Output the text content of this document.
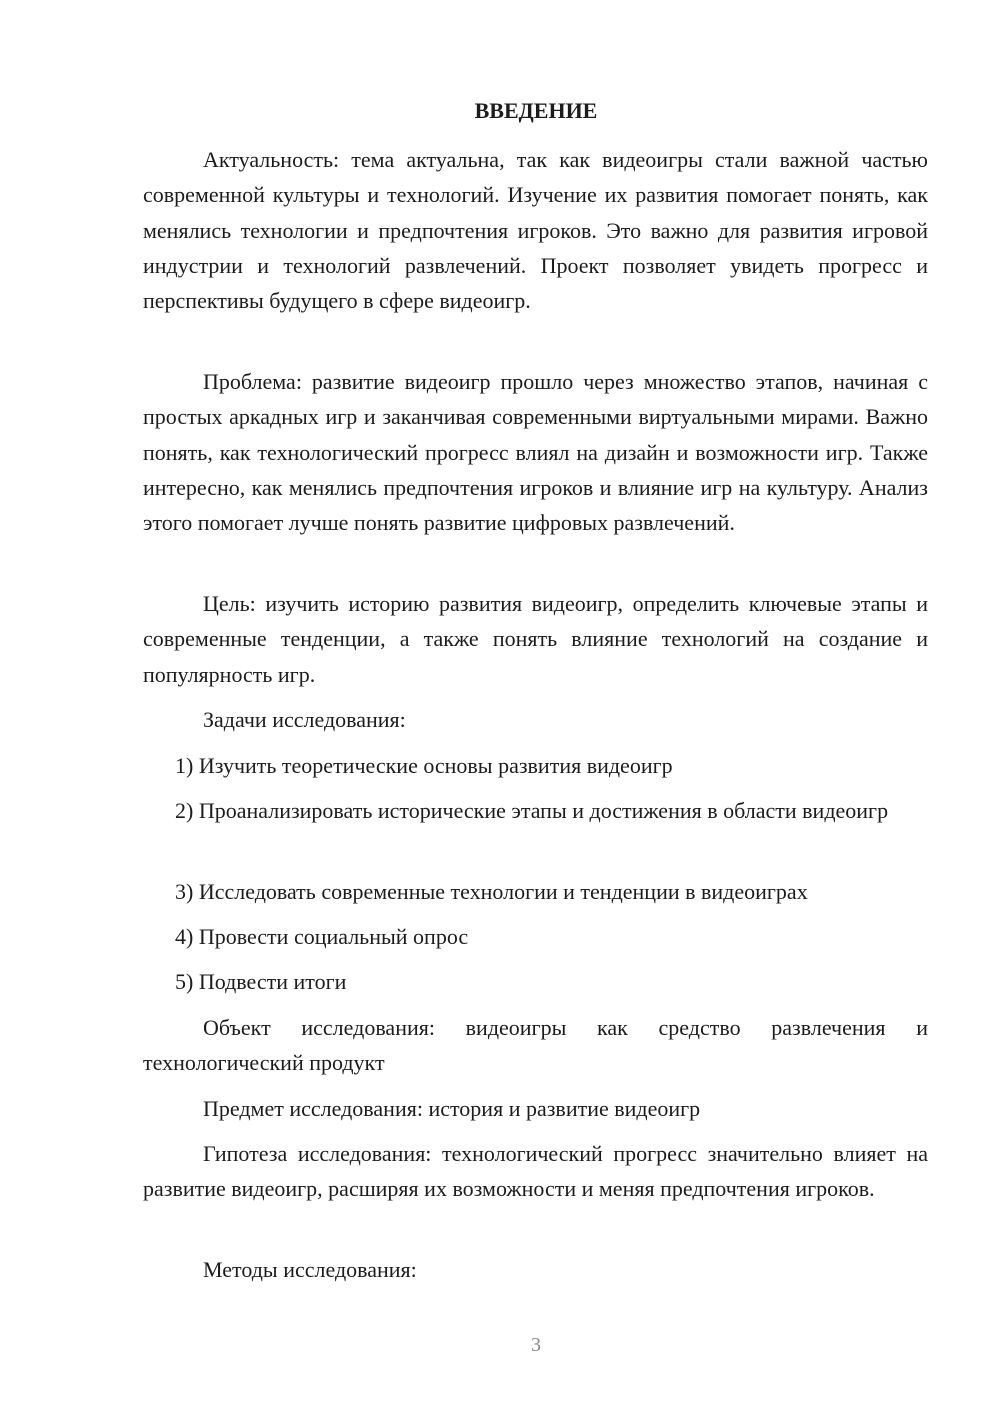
ВВЕДЕНИЕ

Актуальность: тема актуальна, так как видеоигры стали важной частью современной культуры и технологий. Изучение их развития помогает понять, как менялись технологии и предпочтения игроков. Это важно для развития игровой индустрии и технологий развлечений. Проект позволяет увидеть прогресс и перспективы будущего в сфере видеоигр.

Проблема: развитие видеоигр прошло через множество этапов, начиная с простых аркадных игр и заканчивая современными виртуальными мирами. Важно понять, как технологический прогресс влиял на дизайн и возможности игр. Также интересно, как менялись предпочтения игроков и влияние игр на культуру. Анализ этого помогает лучше понять развитие цифровых развлечений.

Цель: изучить историю развития видеоигр, определить ключевые этапы и современные тенденции, а также понять влияние технологий на создание и популярность игр.

Задачи исследования:

1) Изучить теоретические основы развития видеоигр

2) Проанализировать исторические этапы и достижения в области видеоигр

3) Исследовать современные технологии и тенденции в видеоиграх

4) Провести социальный опрос

5) Подвести итоги

Объект исследования: видеоигры как средство развлечения и технологический продукт

Предмет исследования: история и развитие видеоигр

Гипотеза исследования: технологический прогресс значительно влияет на развитие видеоигр, расширяя их возможности и меняя предпочтения игроков.

Методы исследования:

3
